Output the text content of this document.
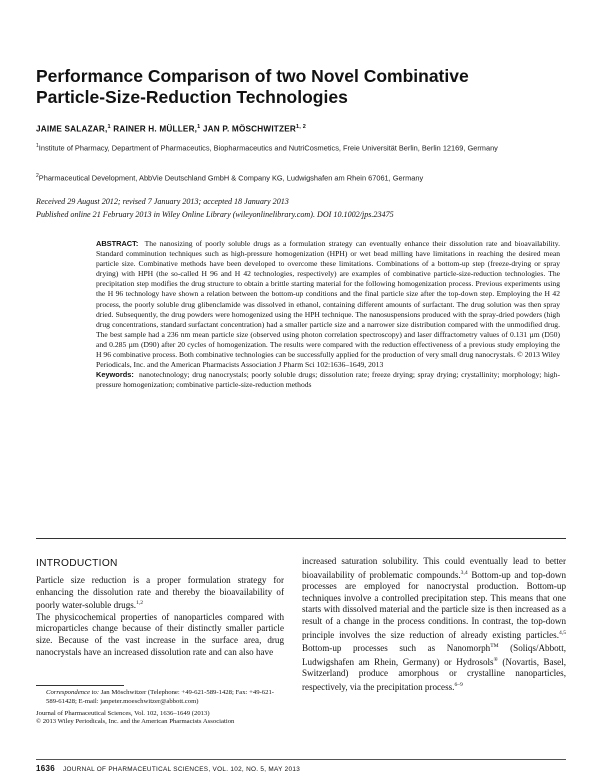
Performance Comparison of two Novel Combinative
Particle-Size-Reduction Technologies
JAIME SALAZAR,$^1$ RAINER H. MÜLLER,$^1$ JAN P. MÖSCHWITZER$^{1, 2}$
$^1$Institute of Pharmacy, Department of Pharmaceutics, Biopharmaceutics and NutriCosmetics, Freie Universität Berlin, Berlin 12169, Germany
$^2$Pharmaceutical Development, AbbVie Deutschland GmbH & Company KG, Ludwigshafen am Rhein 67061, Germany
Received 29 August 2012; revised 7 January 2013; accepted 18 January 2013
Published online 21 February 2013 in Wiley Online Library (wileyonlinelibrary.com). DOI 10.1002/jps.23475
ABSTRACT: The nanosizing of poorly soluble drugs as a formulation strategy can eventually enhance their dissolution rate and bioavailability. Standard comminution techniques such as high-pressure homogenization (HPH) or wet bead milling have limitations in reaching the desired mean particle size. Combinative methods have been developed to overcome these limitations. Combinations of a bottom-up step (freeze-drying or spray drying) with HPH (the so-called H 96 and H 42 technologies, respectively) are examples of combinative particle-size-reduction technologies. The precipitation step modifies the drug structure to obtain a brittle starting material for the following homogenization process. Previous experiments using the H 96 technology have shown a relation between the bottom-up conditions and the final particle size after the top-down step. Employing the H 42 process, the poorly soluble drug glibenclamide was dissolved in ethanol, containing different amounts of surfactant. The drug solution was then spray dried. Subsequently, the drug powders were homogenized using the HPH technique. The nanosuspensions produced with the spray-dried powders (high drug concentrations, standard surfactant concentration) had a smaller particle size and a narrower size distribution compared with the unmodified drug. The best sample had a 236 nm mean particle size (observed using photon correlation spectroscopy) and laser diffractometry values of 0.131 µm (D50) and 0.285 µm (D90) after 20 cycles of homogenization. The results were compared with the reduction effectiveness of a previous study employing the H 96 combinative process. Both combinative technologies can be successfully applied for the production of very small drug nanocrystals. © 2013 Wiley Periodicals, Inc. and the American Pharmacists Association J Pharm Sci 102:1636–1649, 2013
Keywords: nanotechnology; drug nanocrystals; poorly soluble drugs; dissolution rate; freeze drying; spray drying; crystallinity; morphology; high-pressure homogenization; combinative particle-size-reduction methods
INTRODUCTION
Particle size reduction is a proper formulation strategy for enhancing the dissolution rate and thereby the bioavailability of poorly water-soluble drugs.$^{1,2}$
The physicochemical properties of nanoparticles compared with microparticles change because of their distinctly smaller particle size. Because of the vast increase in the surface area, drug nanocrystals have an increased dissolution rate and can also have
increased saturation solubility. This could eventually lead to better bioavailability of problematic compounds.$^{3,4}$ Bottom-up and top-down processes are employed for nanocrystal production. Bottom-up techniques involve a controlled precipitation step. This means that one starts with dissolved material and the particle size is then increased as a result of a change in the process conditions. In contrast, the top-down principle involves the size reduction of already existing particles.$^{4,5}$ Bottom-up processes such as Nanomorph™ (Soliqs/Abbott, Ludwigshafen am Rhein, Germany) or Hydrosols® (Novartis, Basel, Switzerland) produce amorphous or crystalline nanoparticles, respectively, via the precipitation process.$^{6-9}$
Correspondence to: Jan Möschwitzer (Telephone: +49-621-589-1428; Fax: +49-621-589-61428; E-mail: janpeter.moeschwitzer@abbott.com)
Journal of Pharmaceutical Sciences, Vol. 102, 1636–1649 (2013)
© 2013 Wiley Periodicals, Inc. and the American Pharmacists Association
1636 JOURNAL OF PHARMACEUTICAL SCIENCES, VOL. 102, NO. 5, MAY 2013
